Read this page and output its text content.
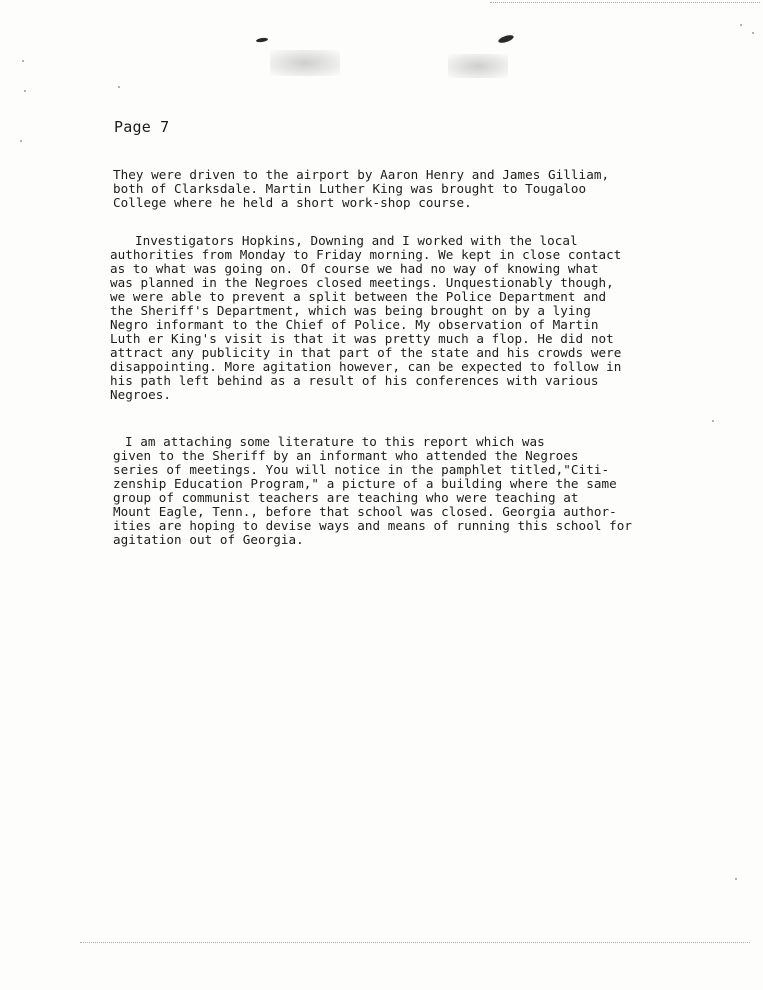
Page 7
They were driven to the airport by Aaron Henry and James Gilliam,
both of Clarksdale. Martin Luther King was brought to Tougaloo
College where he held a short work-shop course.
Investigators Hopkins, Downing and I worked with the local
authorities from Monday to Friday morning. We kept in close contact
as to what was going on. Of course we had no way of knowing what
was planned in the Negroes closed meetings. Unquestionably though,
we were able to prevent a split between the Police Department and
the Sheriff's Department, which was being brought on by a lying
Negro informant to the Chief of Police. My observation of Martin
Luth er King's visit is that it was pretty much a flop. He did not
attract any publicity in that part of the state and his crowds were
disappointing. More agitation however, can be expected to follow in
his path left behind as a result of his conferences with various
Negroes.
I am attaching some literature to this report which was
given to the Sheriff by an informant who attended the Negroes
series of meetings. You will notice in the pamphlet titled,"Citi-
zenship Education Program," a picture of a building where the same
group of communist teachers are teaching who were teaching at
Mount Eagle, Tenn., before that school was closed. Georgia author-
ities are hoping to devise ways and means of running this school for
agitation out of Georgia.
